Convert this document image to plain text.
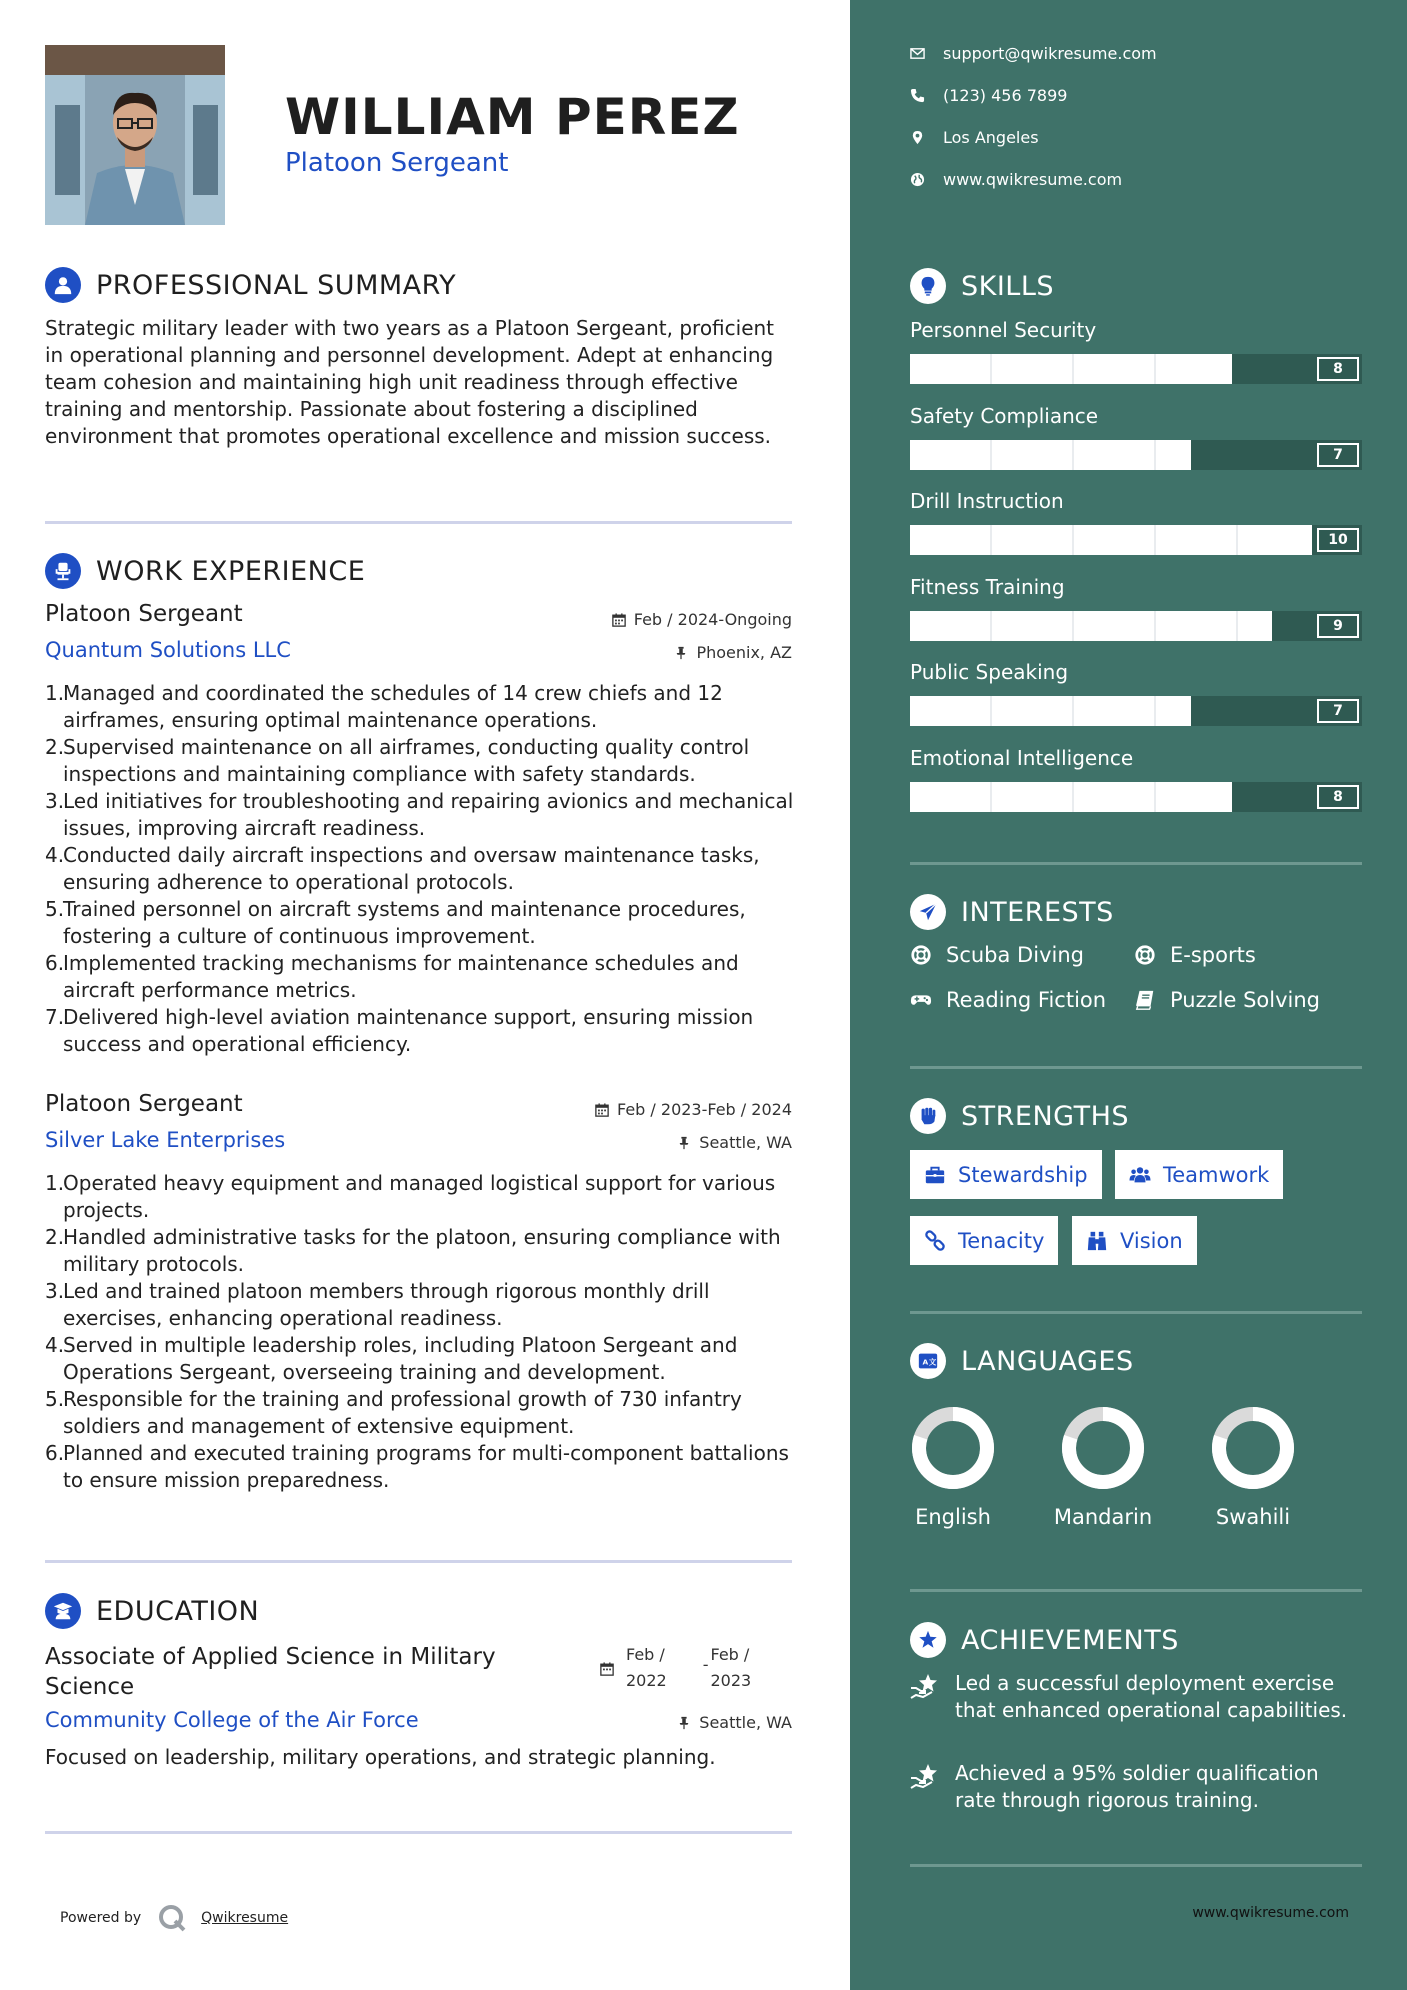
WILLIAM PEREZ
Platoon Sergeant
PROFESSIONAL SUMMARY
Strategic military leader with two years as a Platoon Sergeant, proficient in operational planning and personnel development. Adept at enhancing team cohesion and maintaining high unit readiness through effective training and mentorship. Passionate about fostering a disciplined environment that promotes operational excellence and mission success.
WORK EXPERIENCE
Platoon Sergeant	Feb / 2024-Ongoing
Quantum Solutions LLC	Phoenix, AZ
1.
Managed and coordinated the schedules of 14 crew chiefs and 12 airframes, ensuring optimal maintenance operations.
2.
Supervised maintenance on all airframes, conducting quality control inspections and maintaining compliance with safety standards.
3.
Led initiatives for troubleshooting and repairing avionics and mechanical issues, improving aircraft readiness.
4.
Conducted daily aircraft inspections and oversaw maintenance tasks, ensuring adherence to operational protocols.
5.
Trained personnel on aircraft systems and maintenance procedures, fostering a culture of continuous improvement.
6.
Implemented tracking mechanisms for maintenance schedules and aircraft performance metrics.
7.
Delivered high-level aviation maintenance support, ensuring mission success and operational efficiency.
Platoon Sergeant	Feb / 2023-Feb / 2024
Silver Lake Enterprises	Seattle, WA
1.
Operated heavy equipment and managed logistical support for various projects.
2.
Handled administrative tasks for the platoon, ensuring compliance with military protocols.
3.
Led and trained platoon members through rigorous monthly drill exercises, enhancing operational readiness.
4.
Served in multiple leadership roles, including Platoon Sergeant and Operations Sergeant, overseeing training and development.
5.
Responsible for the training and professional growth of 730 infantry soldiers and management of extensive equipment.
6.
Planned and executed training programs for multi-component battalions to ensure mission preparedness.
EDUCATION
Associate of Applied Science in Military Science
Feb /
2022
-
Feb /
2023
Community College of the Air Force	Seattle, WA
Focused on leadership, military operations, and strategic planning.
Powered by	Qwikresume
support@qwikresume.com
(123) 456 7899
Los Angeles
www.qwikresume.com
SKILLS
Personnel Security
8
Safety Compliance
7
Drill Instruction
10
Fitness Training
9
Public Speaking
7
Emotional Intelligence
8
INTERESTS
Scuba Diving	E-sports
Reading Fiction	Puzzle Solving
STRENGTHS
Stewardship	Teamwork
Tenacity	Vision
A 文 LANGUAGES
English	Mandarin	Swahili
ACHIEVEMENTS
Led a successful deployment exercise that enhanced operational capabilities.
Achieved a 95% soldier qualification rate through rigorous training.
www.qwikresume.com
